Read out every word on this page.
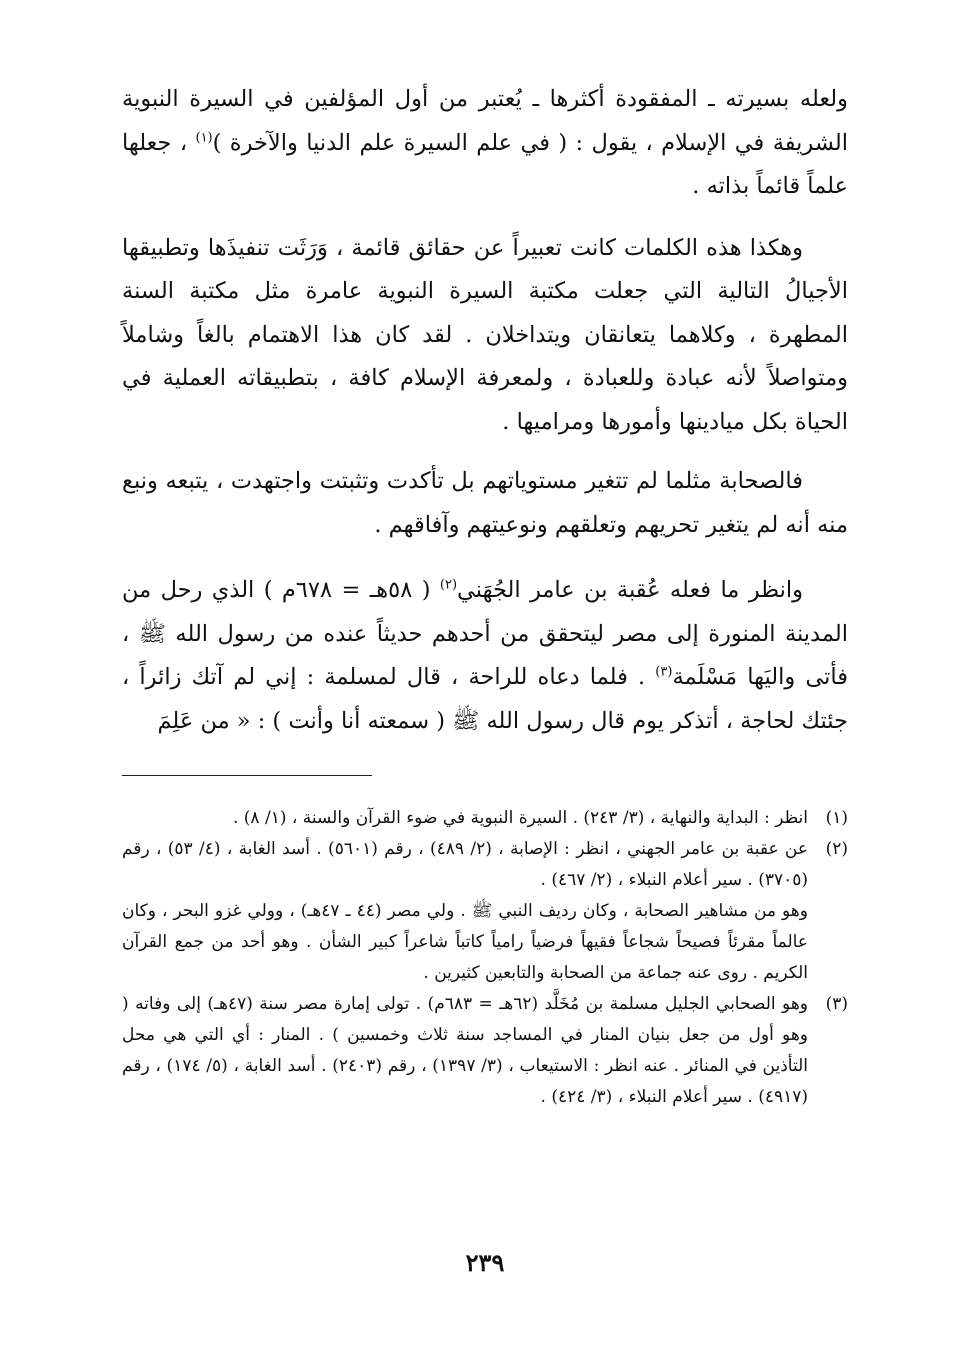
ولعله بسيرته ـ المفقودة أكثرها ـ يُعتبر من أول المؤلفين في السيرة النبوية الشريفة في الإسلام ، يقول : ( في علم السيرة علم الدنيا والآخرة )$^{(١)}$ ، جعلها علماً قائماً بذاته .

وهكذا هذه الكلمات كانت تعبيراً عن حقائق قائمة ، وَرَثَت تنفيذَها وتطبيقها الأجيالُ التالية التي جعلت مكتبة السيرة النبوية عامرة مثل مكتبة السنة المطهرة ، وكلاهما يتعانقان ويتداخلان . لقد كان هذا الاهتمام بالغاً وشاملاً ومتواصلاً لأنه عبادة وللعبادة ، ولمعرفة الإسلام كافة ، بتطبيقاته العملية في الحياة بكل ميادينها وأمورها ومراميها .

فالصحابة مثلما لم تتغير مستوياتهم بل تأكدت وتثبتت واجتهدت ، يتبعه ونبع منه أنه لم يتغير تحريهم وتعلقهم ونوعيتهم وآفاقهم .

وانظر ما فعله عُقبة بن عامر الجُهَني$^{(٢)}$ ( ٥٨هـ = ٦٧٨م ) الذي رحل من المدينة المنورة إلى مصر ليتحقق من أحدهم حديثاً عنده من رسول الله ﷺ ، فأتى واليَها مَسْلَمة$^{(٣)}$ . فلما دعاه للراحة ، قال لمسلمة : إني لم آتك زائراً ، جئتك لحاجة ، أتذكر يوم قال رسول الله ﷺ ( سمعته أنا وأنت ) : « من عَلِمَ

(١)
انظر : البداية والنهاية ، (٣/ ٢٤٣) . السيرة النبوية في ضوء القرآن والسنة ، (١/ ٨) .
(٢)
عن عقبة بن عامر الجهني ، انظر : الإصابة ، (٢/ ٤٨٩) ، رقم (٥٦٠١) . أسد الغابة ، (٤/ ٥٣) ، رقم (٣٧٠٥) . سير أعلام النبلاء ، (٢/ ٤٦٧) .
وهو من مشاهير الصحابة ، وكان رديف النبي ﷺ . ولي مصر (٤٤ ـ ٤٧هـ) ، وولي غزو البحر ، وكان عالماً مقرئاً فصيحاً شجاعاً فقيهاً فرضياً رامياً كاتباً شاعراً كبير الشأن . وهو أحد من جمع القرآن الكريم . روى عنه جماعة من الصحابة والتابعين كثيرين .
(٣)
وهو الصحابي الجليل مسلمة بن مُخَلَّد (٦٢هـ = ٦٨٣م) . تولى إمارة مصر سنة (٤٧هـ) إلى وفاته ( وهو أول من جعل بنيان المنار في المساجد سنة ثلاث وخمسين ) . المنار : أي التي هي محل التأذين في المنائر . عنه انظر : الاستيعاب ، (٣/ ١٣٩٧) ، رقم (٢٤٠٣) . أسد الغابة ، (٥/ ١٧٤) ، رقم (٤٩١٧) . سير أعلام النبلاء ، (٣/ ٤٢٤) .
٢٣٩
